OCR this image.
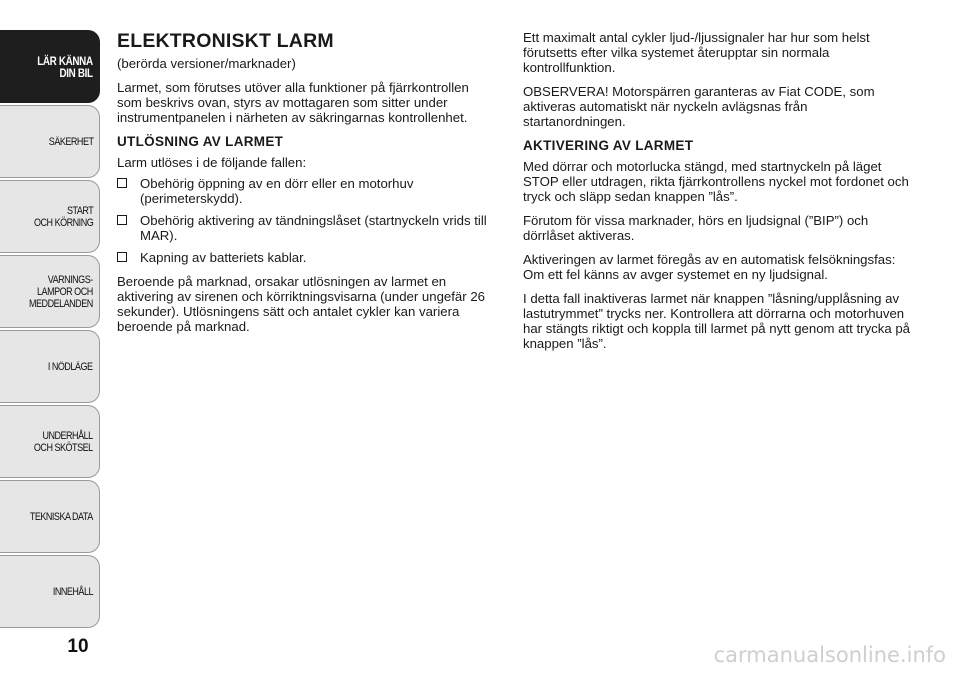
LÄR KÄNNA
DIN BIL
SÄKERHET
START
OCH KÖRNING
VARNINGS-
LAMPOR OCH
MEDDELANDEN
I NÖDLÄGE
UNDERHÅLL
OCH SKÖTSEL
TEKNISKA DATA
INNEHÅLL
10
ELEKTRONISKT LARM

(berörda versioner/marknader)

Larmet, som förutses utöver alla funktioner på fjärrkontrollen som beskrivs ovan, styrs av mottagaren som sitter under instrumentpanelen i närheten av säkringarnas kontrollenhet.

UTLÖSNING AV LARMET

Larm utlöses i de följande fallen:

Obehörig öppning av en dörr eller en motorhuv (perimeterskydd).
Obehörig aktivering av tändningslåset (startnyckeln vrids till MAR).
Kapning av batteriets kablar.

Beroende på marknad, orsakar utlösningen av larmet en aktivering av sirenen och körriktningsvisarna (under ungefär 26 sekunder). Utlösningens sätt och antalet cykler kan variera beroende på marknad.

Ett maximalt antal cykler ljud-/ljussignaler har hur som helst förutsetts efter vilka systemet återupptar sin normala kontrollfunktion.

OBSERVERA! Motorspärren garanteras av Fiat CODE, som aktiveras automatiskt när nyckeln avlägsnas från startanordningen.

AKTIVERING AV LARMET

Med dörrar och motorlucka stängd, med startnyckeln på läget STOP eller utdragen, rikta fjärrkontrollens nyckel mot fordonet och tryck och släpp sedan knappen ”lås”.

Förutom för vissa marknader, hörs en ljudsignal (”BIP”) och dörrlåset aktiveras.

Aktiveringen av larmet föregås av en automatisk felsökningsfas: Om ett fel känns av avger systemet en ny ljudsignal.

I detta fall inaktiveras larmet när knappen ”låsning/upplåsning av lastutrymmet” trycks ner. Kontrollera att dörrarna och motorhuven har stängts riktigt och koppla till larmet på nytt genom att trycka på knappen ”lås”.

carmanualsonline.info
